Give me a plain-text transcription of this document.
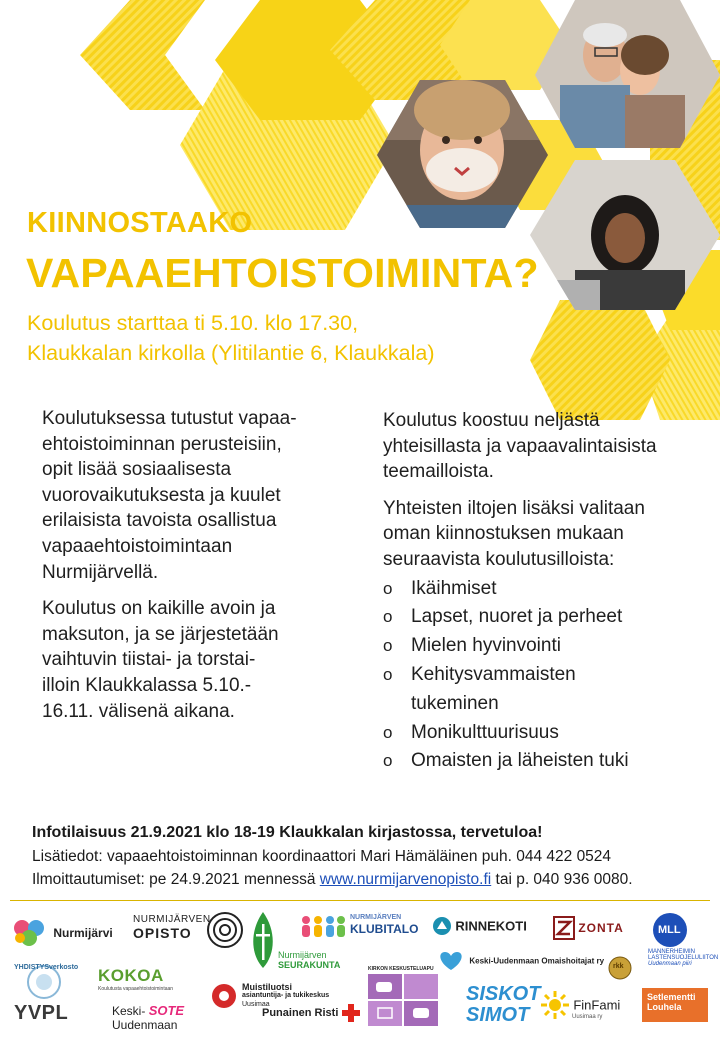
KIINNOSTAAKO
VAPAAEHTOISTOIMINTA?
Koulutus starttaa ti 5.10. klo 17.30,
Klaukkalan kirkolla (Ylitilantie 6, Klaukkala)
Koulutuksessa tutustut vapaa-
ehtoistoiminnan perusteisiin,
opit lisää sosiaalisesta
vuorovaikutuksesta ja kuulet
erilaisista tavoista osallistua
vapaaehtoistoimintaan
Nurmijärvellä.
Koulutus on kaikille avoin ja
maksuton, ja se järjestetään
vaihtuvin tiistai- ja torstai-
illoin Klaukkalassa 5.10.-
16.11. välisenä aikana.
Koulutus koostuu neljästä
yhteisillasta ja vapaavalintaisista
teemailloista.
Yhteisten iltojen lisäksi valitaan
oman kiinnostuksen mukaan
seuraavista koulutusilloista:
o Ikäihmiset
o Lapset, nuoret ja perheet
o Mielen hyvinvointi
o Kehitysvammaisten
tukeminen
o Monikulttuurisuus
o Omaisten ja läheisten tuki
Infotilaisuus 21.9.2021 klo 18-19 Klaukkalan kirjastossa, tervetuloa!
Lisätiedot: vapaaehtoistoiminnan koordinaattori Mari Hämäläinen puh. 044 422 0524
Ilmoittautumiset: pe 24.9.2021 mennessä www.nurmijarvenopisto.fi tai p. 040 936 0080.
Nurmijärvi
NURMIJÄRVEN
OPISTO
Nurmijärven
SEURAKUNTA
NURMIJÄRVEN
KLUBITALO	RINNEKOTI	ZONTA	MLL
MANNERHEIMIN
LASTENSUOJELULIITON
Uudenmaan piiri
YHDISTYSverkosto KOKOA
Koulutusta vapaaehtoistoimintaan
Keski-Uudenmaan Omaishoitajat ry
rkk
KIRKON KESKUSTELUAPU
SISKOT
SIMOT	FinFami
Uusimaa ry
Setlementti
Louhela
YVPL	Keski- SOTE
Uudenmaan
Muistiluotsi
asiantuntija- ja tukikeskus
Uusimaa
Punainen Risti
